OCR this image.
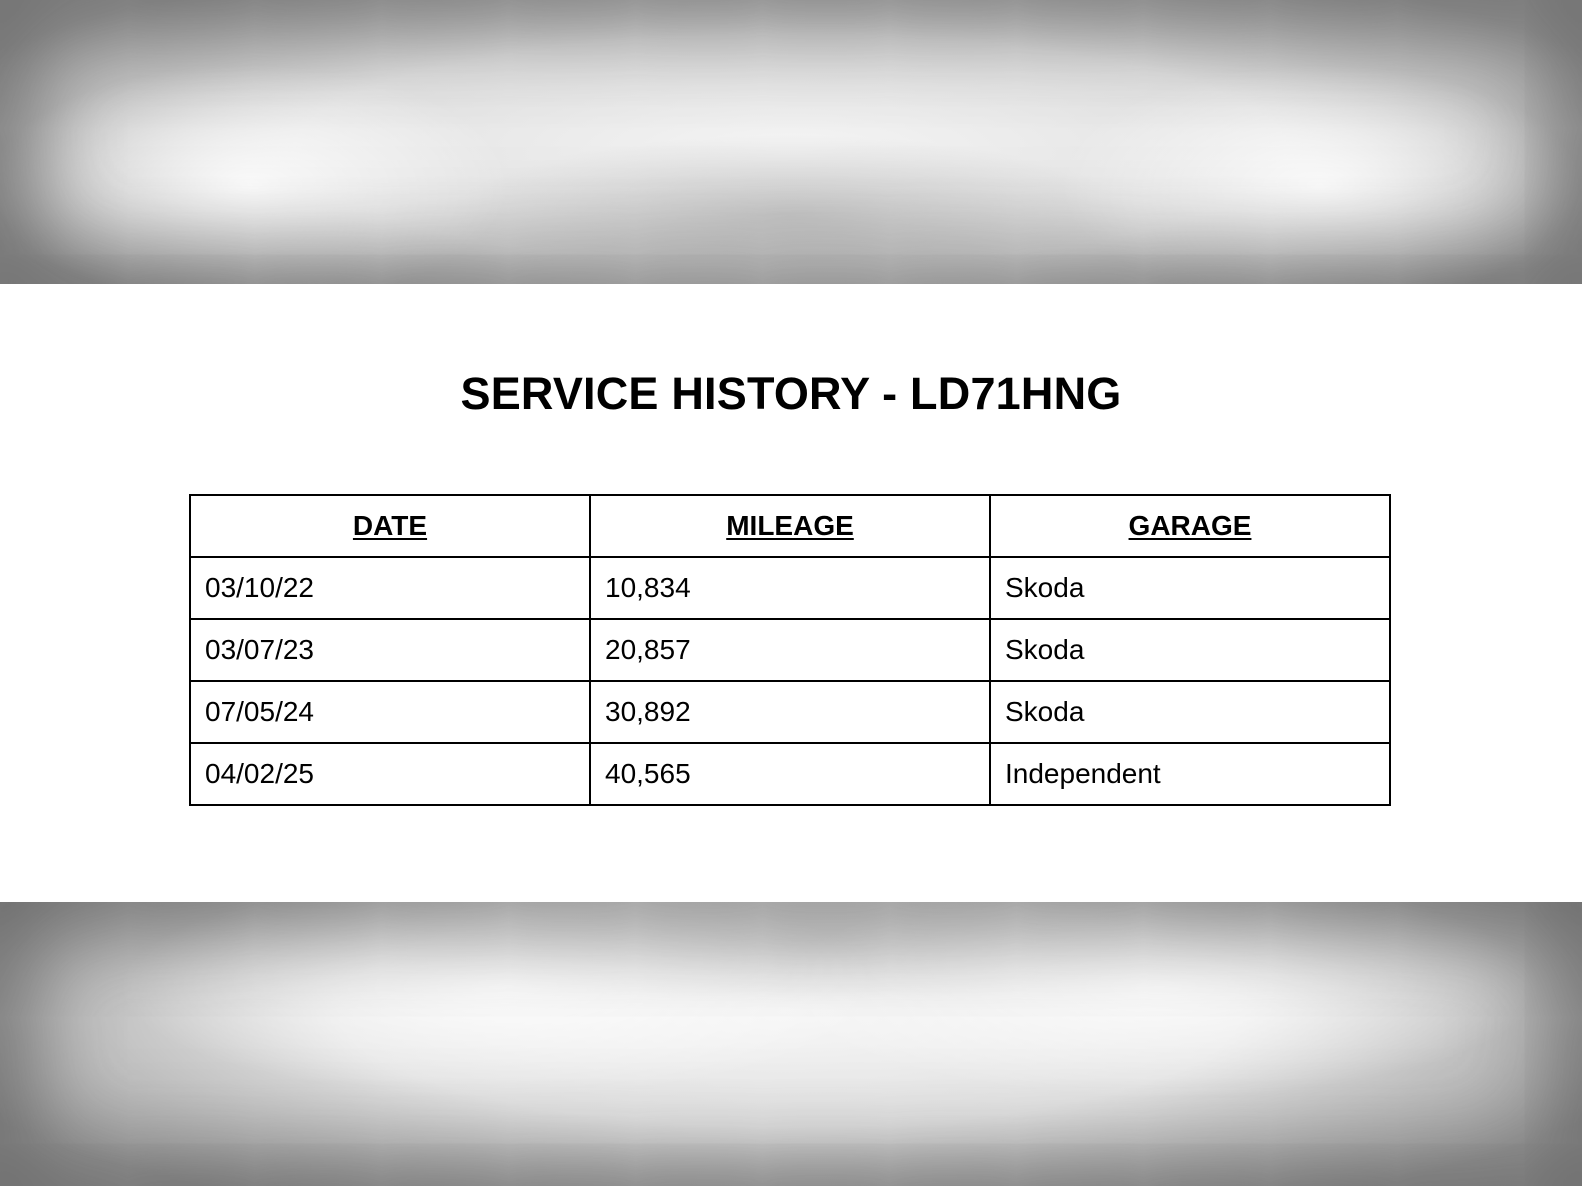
SERVICE HISTORY - LD71HNG
DATE	MILEAGE	GARAGE
03/10/22	10,834	Skoda
03/07/23	20,857	Skoda
07/05/24	30,892	Skoda
04/02/25	40,565	Independent
